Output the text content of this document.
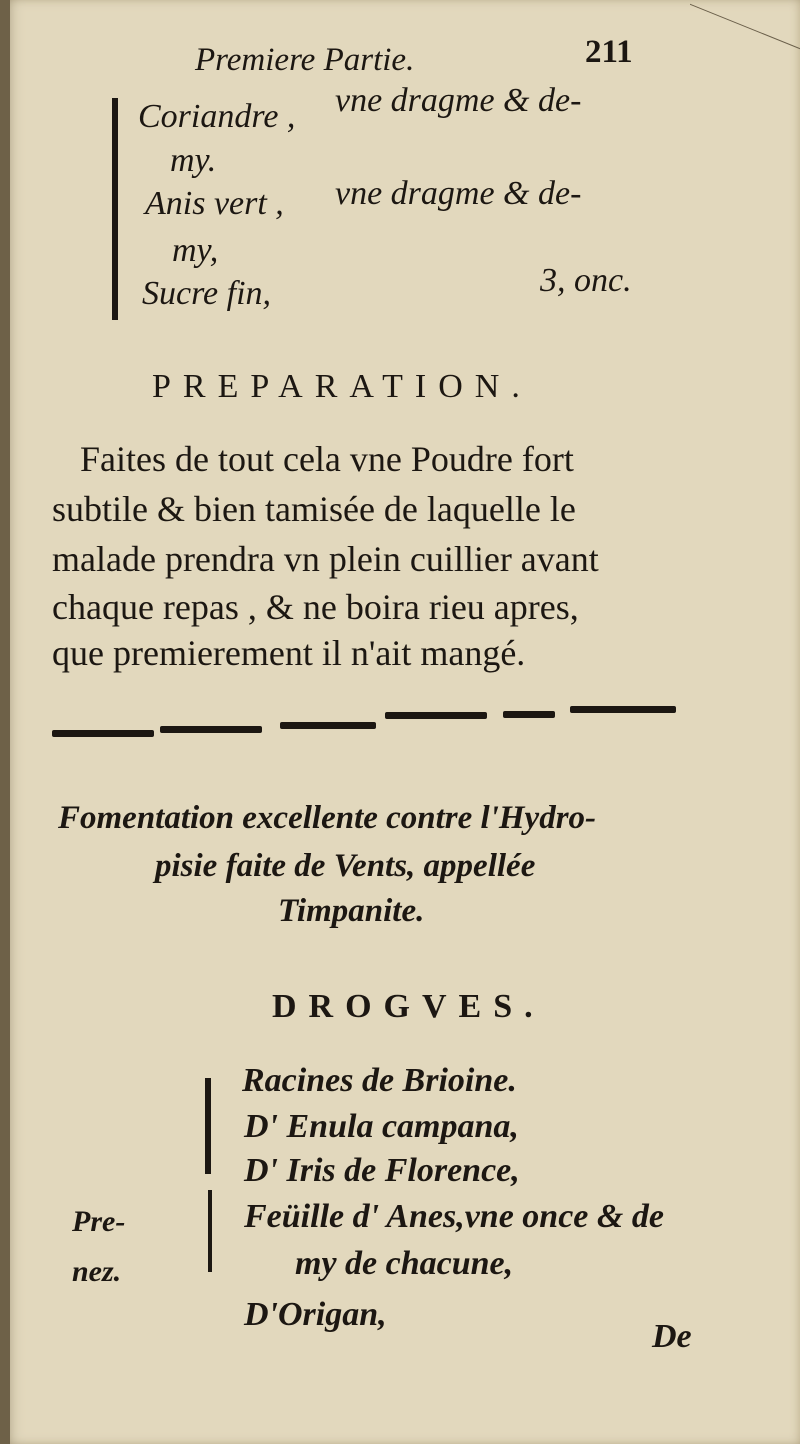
Premiere Partie.	211
Coriandre , vne dragme & de-
my.
Anis vert , vne dragme & de-
my,
Sucre fin,	3, onc.
PREPARATION.
Faites de tout cela vne Poudre fort
subtile & bien tamisée de laquelle le
malade prendra vn plein cuillier avant
chaque repas , & ne boira rieu apres,
que premierement il n'ait mangé.
Fomentation excellente contre l'Hydro-
pisie faite de Vents, appellée
Timpanite.
DROGVES.
Pre-
nez.
Racines de Brioine.
D' Enula campana,
D' Iris de Florence,
Feüille d' Anes,vne once & de
my de chacune,
D'Origan,
De
